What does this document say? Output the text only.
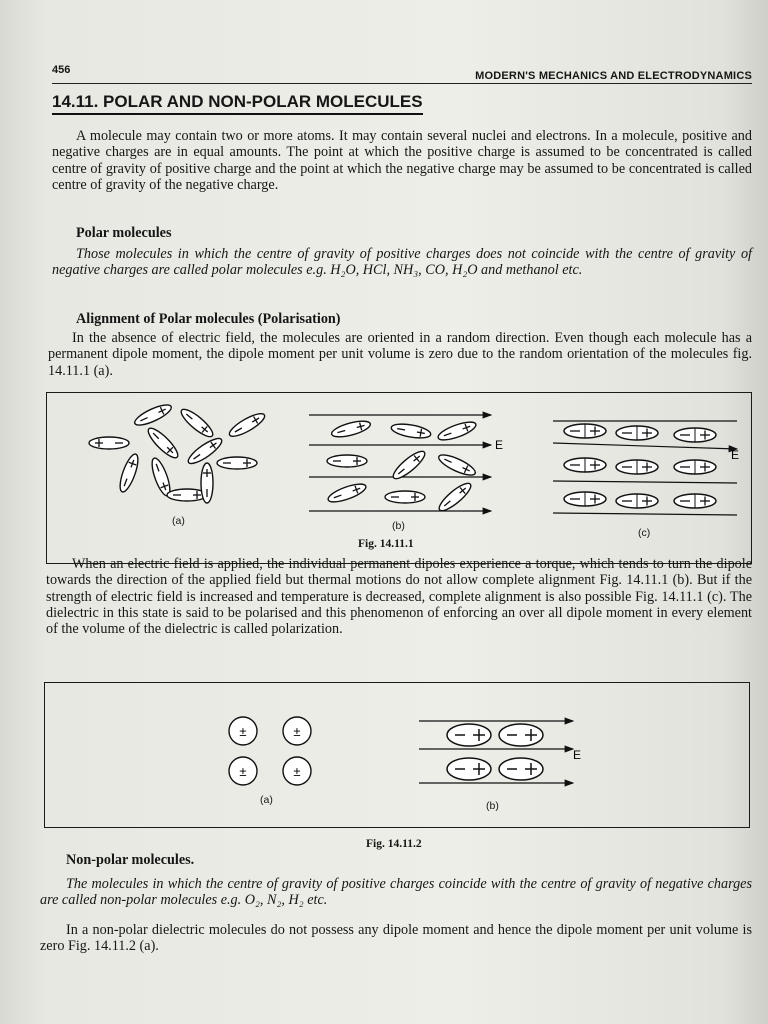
456	MODERN'S MECHANICS AND ELECTRODYNAMICS
14.11. POLAR AND NON-POLAR MOLECULES

A molecule may contain two or more atoms. It may contain several nuclei and electrons. In a molecule, positive and negative charges are in equal amounts. The point at which the positive charge is assumed to be concentrated is called centre of gravity of positive charge and the point at which the negative charge may be assumed to be concentrated is called centre of gravity of the negative charge.

Polar molecules

Those molecules in which the centre of gravity of positive charges does not coincide with the centre of gravity of negative charges are called polar molecules e.g. H₂O, HCl, NH₃, CO, H₂O and methanol etc.

Alignment of Polar molecules (Polarisation)

In the absence of electric field, the molecules are oriented in a random direction. Even though each molecule has a permanent dipole moment, the dipole moment per unit volume is zero due to the random orientation of the molecules fig. 14.11.1 (a).

E
E
(a)	(b)
(c)
Fig. 14.11.1

When an electric field is applied, the individual permanent dipoles experience a torque, which tends to turn the dipole towards the direction of the applied field but thermal motions do not allow complete alignment Fig. 14.11.1 (b). But if the strength of electric field is increased and temperature is decreased, complete alignment is also possible Fig. 14.11.1 (c). The dielectric in this state is said to be polarised and this phenomenon of enforcing an over all dipole moment in every element of the volume of the dielectric is called polarization.

±	±
±	±
E
(a)	(b)
Fig. 14.11.2
Non-polar molecules.

The molecules in which the centre of gravity of positive charges coincide with the centre of gravity of negative charges are called non-polar molecules e.g. O₂, N₂, H₂ etc.

In a non-polar dielectric molecules do not possess any dipole moment and hence the dipole moment per unit volume is zero Fig. 14.11.2 (a).
